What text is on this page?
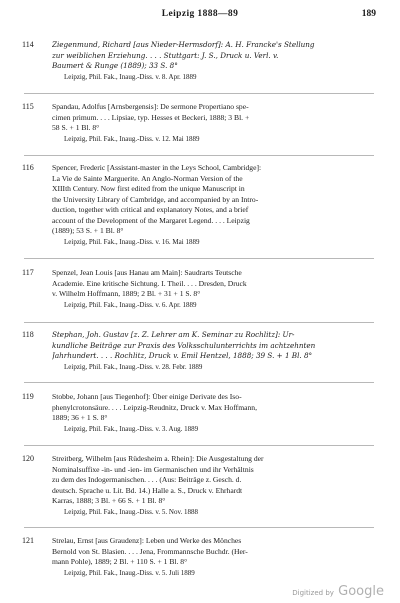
Leipzig 1888—89	189
114	Ziegenmund, Richard [aus Nieder-Hermsdorf]: A. H. Francke's Stellung
zur weiblichen Erziehung. . . . Stuttgart: J. S., Druck u. Verl. v.
Baumert & Runge (1889); 33 S. 8°
Leipzig, Phil. Fak., Inaug.-Diss. v. 8. Apr. 1889
115	Spandau, Adolfus [Arnsbergensis]: De sermone Propertiano spe-
cimen primum. . . . Lipsiae, typ. Hesses et Beckeri, 1888; 3 Bl. +
58 S. + 1 Bl. 8°
Leipzig, Phil. Fak., Inaug.-Diss. v. 12. Mai 1889
116	Spencer, Frederic [Assistant-master in the Leys School, Cambridge]:
La Vie de Sainte Marguerite. An Anglo-Norman Version of the
XIIIth Century. Now first edited from the unique Manuscript in
the University Library of Cambridge, and accompanied by an Intro-
duction, together with critical and explanatory Notes, and a brief
account of the Development of the Margaret Legend. . . . Leipzig
(1889); 53 S. + 1 Bl. 8°
Leipzig, Phil. Fak., Inaug.-Diss. v. 16. Mai 1889
117	Spenzel, Jean Louis [aus Hanau am Main]: Saudrarts Teutsche
Academie. Eine kritische Sichtung. I. Theil. . . . Dresden, Druck
v. Wilhelm Hoffmann, 1889; 2 Bl. + 31 + 1 S. 8°
Leipzig, Phil. Fak., Inaug.-Diss. v. 6. Apr. 1889
118	Stephan, Joh. Gustav [z. Z. Lehrer am K. Seminar zu Rochlitz]: Ur-
kundliche Beiträge zur Praxis des Volksschulunterrichts im achtzehnten
Jahrhundert. . . . Rochlitz, Druck v. Emil Hentzel, 1888; 39 S. + 1 Bl. 8°
Leipzig, Phil. Fak., Inaug.-Diss. v. 28. Febr. 1889
119	Stobbe, Johann [aus Tiegenhof]: Über einige Derivate des Iso-
phenylcrotonsäure. . . . Leipzig-Reudnitz, Druck v. Max Hoffmann,
1889; 36 + 1 S. 8°
Leipzig, Phil. Fak., Inaug.-Diss. v. 3. Aug. 1889
120	Streitberg, Wilhelm [aus Rüdesheim a. Rhein]: Die Ausgestaltung der
Nominalsuffixe -in- und -ien- im Germanischen und ihr Verhältnis
zu dem des Indogermanischen. . . . (Aus: Beiträge z. Gesch. d.
deutsch. Sprache u. Lit. Bd. 14.) Halle a. S., Druck v. Ehrhardt
Karras, 1888; 3 Bl. + 66 S. + 1 Bl. 8°
Leipzig, Phil. Fak., Inaug.-Diss. v. 5. Nov. 1888
121	Strelau, Ernst [aus Graudenz]: Leben und Werke des Mönches
Bernold von St. Blasien. . . . Jena, Frommannsche Buchdr. (Her-
mann Pohle), 1889; 2 Bl. + 110 S. + 1 Bl. 8°
Leipzig, Phil. Fak., Inaug.-Diss. v. 5. Juli 1889
Digitized by Google
